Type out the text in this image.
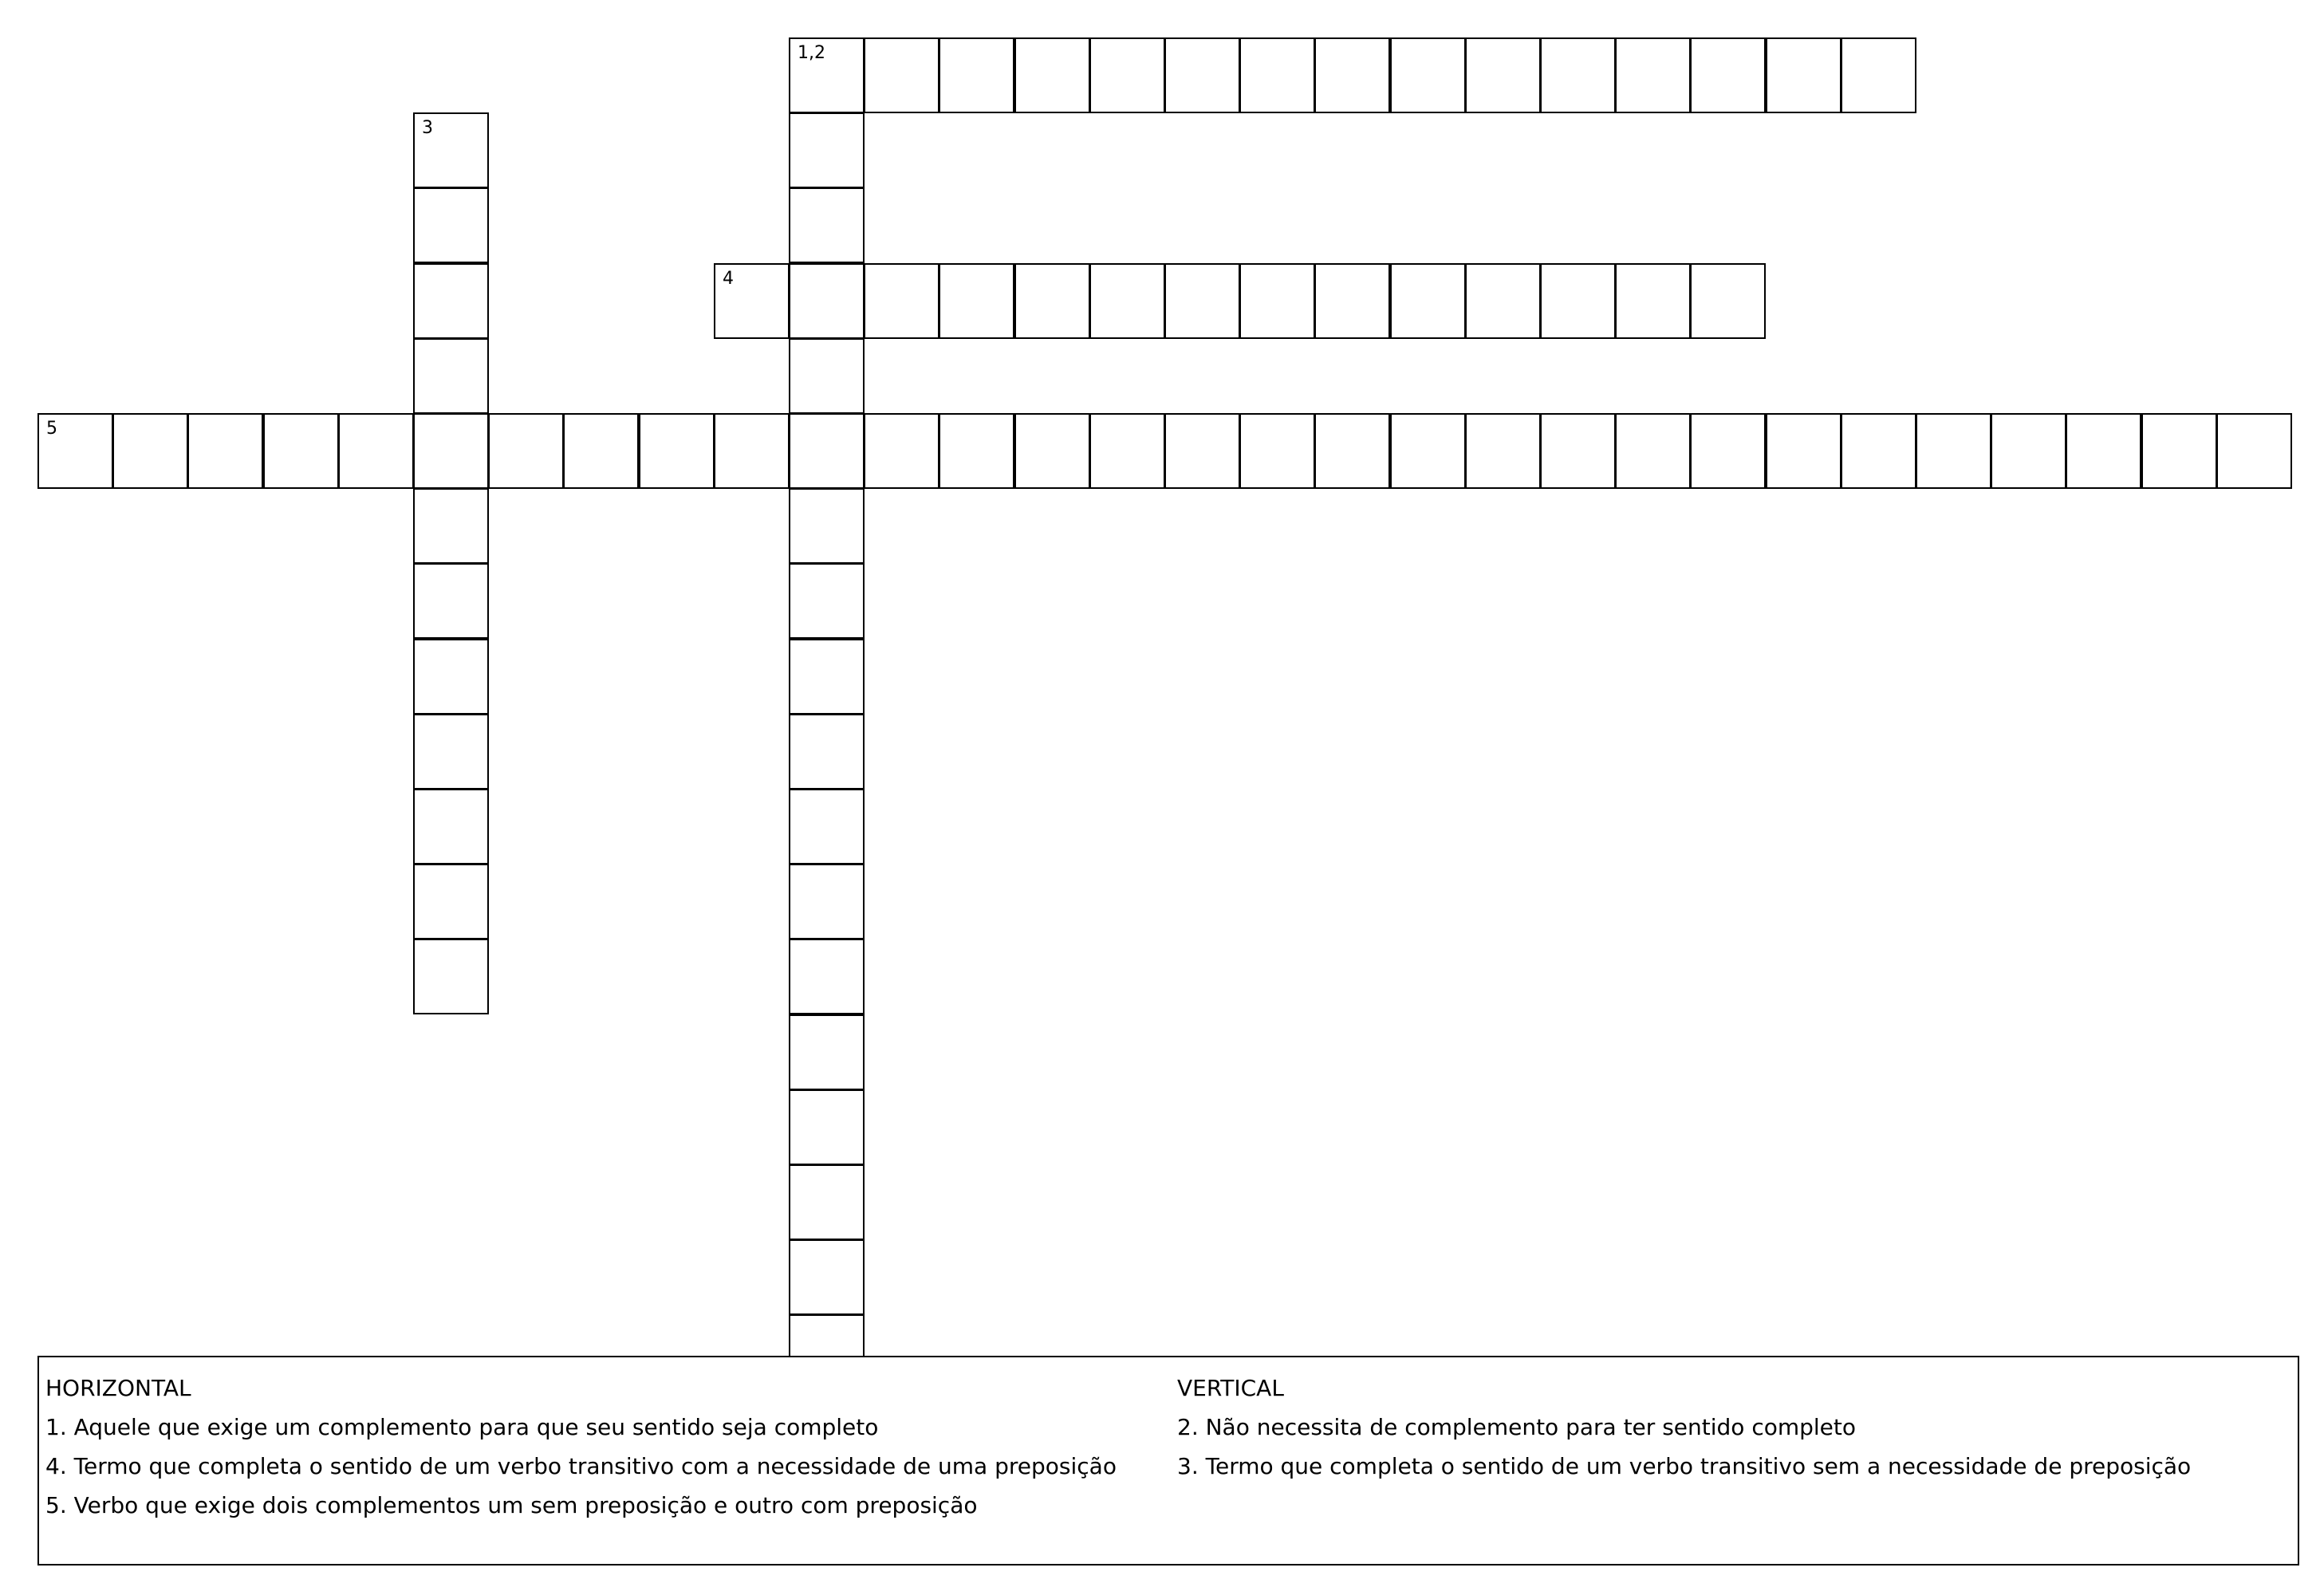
1,2
3
4
5
HORIZONTAL
1. Aquele que exige um complemento para que seu sentido seja completo
4. Termo que completa o sentido de um verbo transitivo com a necessidade de uma preposição
5. Verbo que exige dois complementos um sem preposição e outro com preposição
VERTICAL
2. Não necessita de complemento para ter sentido completo
3. Termo que completa o sentido de um verbo transitivo sem a necessidade de preposição
